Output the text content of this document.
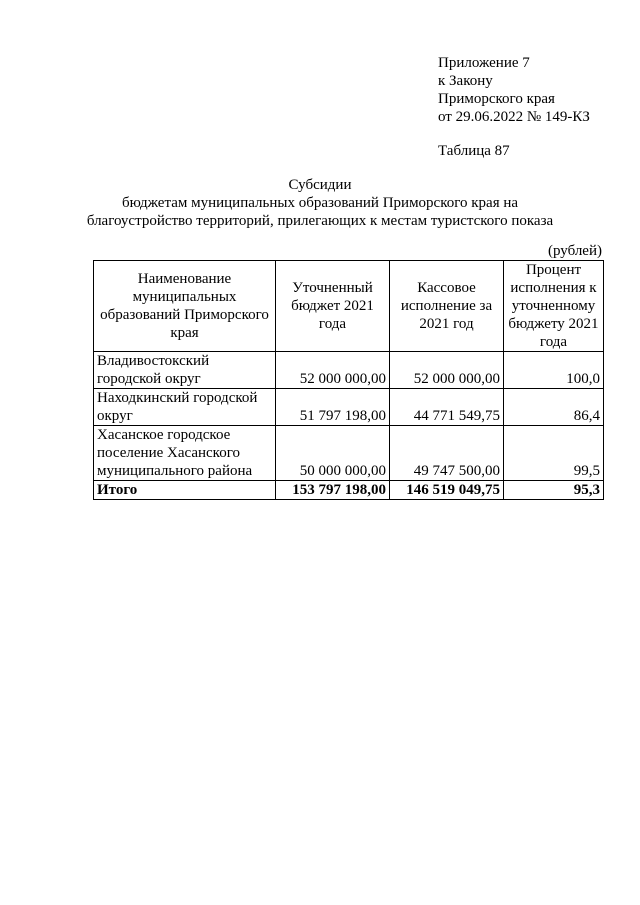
Приложение 7
к Закону
Приморского края
от 29.06.2022 № 149-КЗ
Таблица 87
Субсидии
бюджетам муниципальных образований Приморского края на
благоустройство территорий, прилегающих к местам туристского показа
(рублей)
Наименование муниципальных образований Приморского края	Уточненный бюджет 2021 года	Кассовое исполнение за 2021 год	Процент исполнения к уточненному бюджету 2021 года
Владивостокский городской округ	52 000 000,00	52 000 000,00	100,0
Находкинский городской округ	51 797 198,00	44 771 549,75	86,4
Хасанское городское поселение Хасанского муниципального района	50 000 000,00	49 747 500,00	99,5
Итого	153 797 198,00	146 519 049,75	95,3
